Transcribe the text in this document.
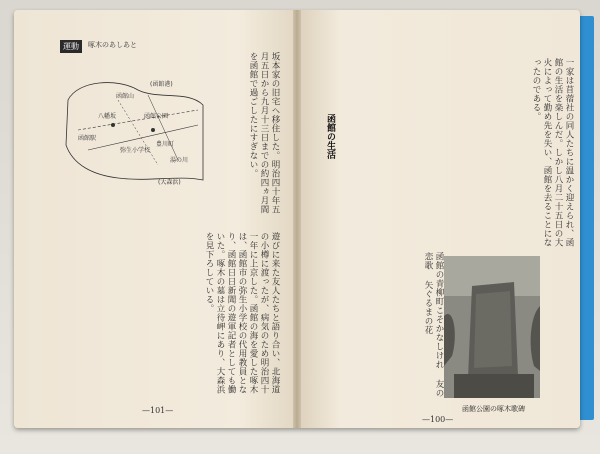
運動	啄木のあしあと
(函館港)
函館山
八幡坂	函館公園
函館駅
弥生小学校
豊川町
湯の川
(大森浜)	坂本家の旧宅へ移住した。明治四十年五月五日から九月十三日までの約四ヵ月間を函館で過ごしたにすぎない。
遊びに来た友人たちと語り合い、北海道の小樽に渡ったが、病気のため明治四十一年に上京した。函館の海を愛した啄木は、函館市の弥生小学校の代用教員となり、函館日日新聞の遊軍記者としても働いた。啄木の墓は立待岬にあり、大森浜を見下ろしている。
—101—
一家は苜蓿社の同人たちに温かく迎えられ、函館の生活を楽しんだ。しかし八月二十五日の大火によって勤め先を失い、函館を去ることになったのである。
函館の生活
函館の青柳町こそかなしけれ 友の恋歌 矢ぐるまの花
函館公園の啄木歌碑
—100—
